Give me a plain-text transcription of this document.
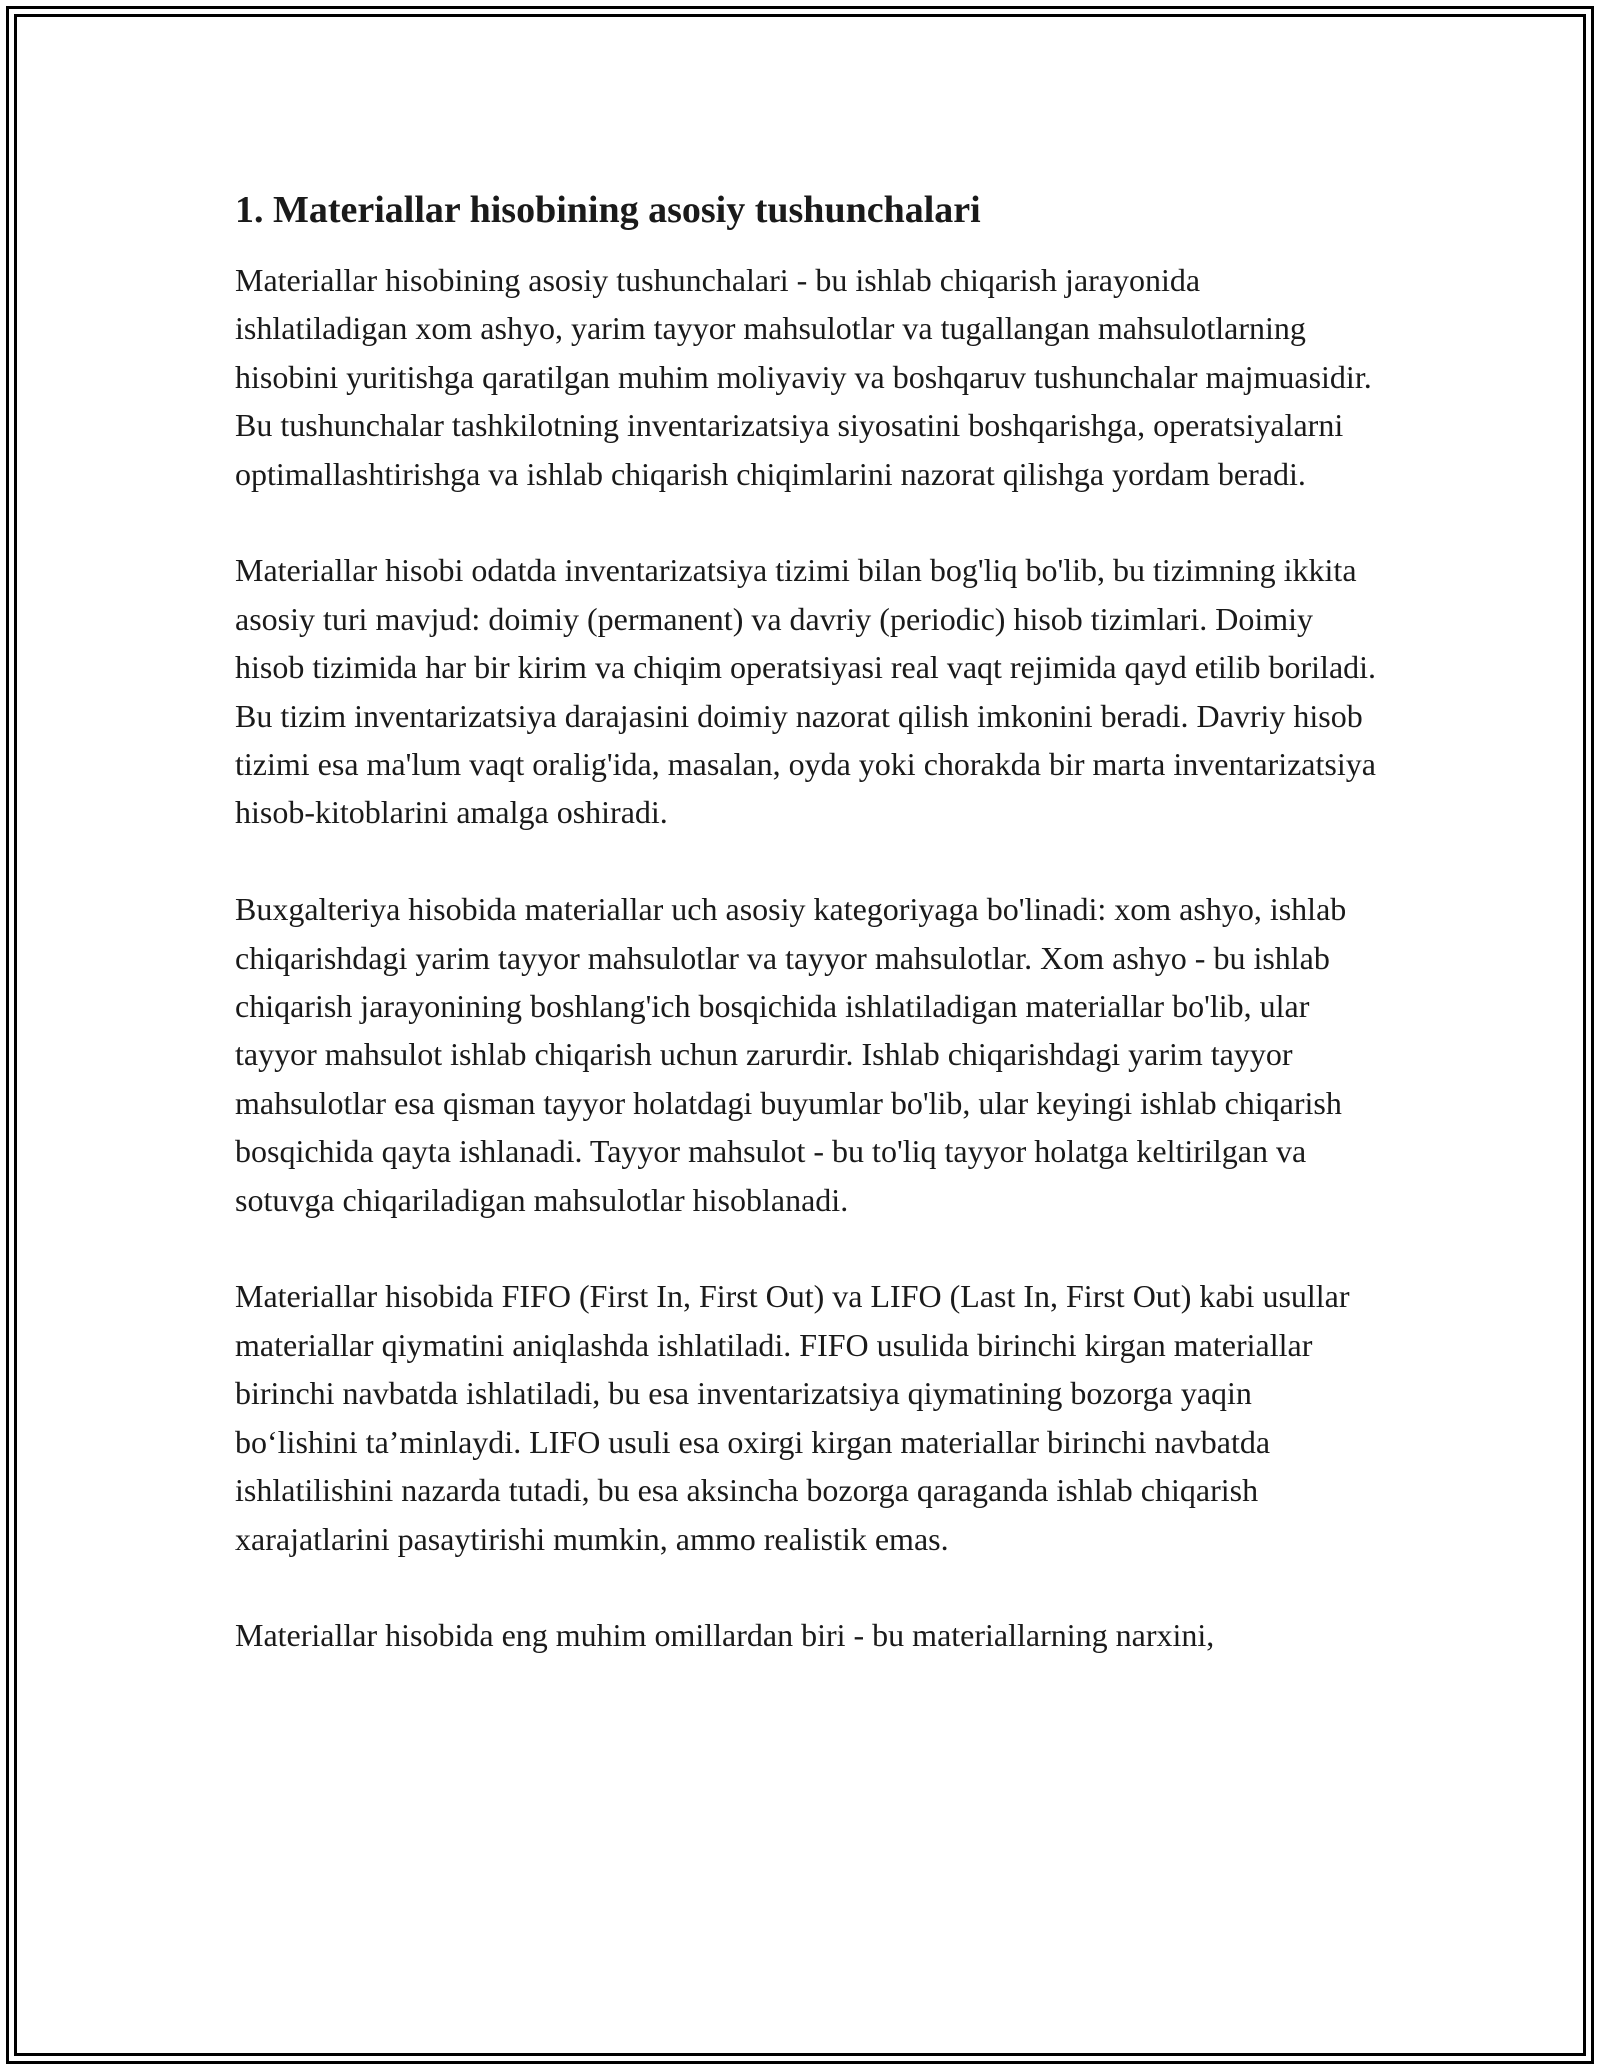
1. Materiallar hisobining asosiy tushunchalari

Materiallar hisobining asosiy tushunchalari - bu ishlab chiqarish jarayonida ishlatiladigan xom ashyo, yarim tayyor mahsulotlar va tugallangan mahsulotlarning hisobini yuritishga qaratilgan muhim moliyaviy va boshqaruv tushunchalar majmuasidir. Bu tushunchalar tashkilotning inventarizatsiya siyosatini boshqarishga, operatsiyalarni optimallashtirishga va ishlab chiqarish chiqimlarini nazorat qilishga yordam beradi.

Materiallar hisobi odatda inventarizatsiya tizimi bilan bog'liq bo'lib, bu tizimning ikkita asosiy turi mavjud: doimiy (permanent) va davriy (periodic) hisob tizimlari. Doimiy hisob tizimida har bir kirim va chiqim operatsiyasi real vaqt rejimida qayd etilib boriladi. Bu tizim inventarizatsiya darajasini doimiy nazorat qilish imkonini beradi. Davriy hisob tizimi esa ma'lum vaqt oralig'ida, masalan, oyda yoki chorakda bir marta inventarizatsiya hisob-kitoblarini amalga oshiradi.

Buxgalteriya hisobida materiallar uch asosiy kategoriyaga bo'linadi: xom ashyo, ishlab chiqarishdagi yarim tayyor mahsulotlar va tayyor mahsulotlar. Xom ashyo - bu ishlab chiqarish jarayonining boshlang'ich bosqichida ishlatiladigan materiallar bo'lib, ular tayyor mahsulot ishlab chiqarish uchun zarurdir. Ishlab chiqarishdagi yarim tayyor mahsulotlar esa qisman tayyor holatdagi buyumlar bo'lib, ular keyingi ishlab chiqarish bosqichida qayta ishlanadi. Tayyor mahsulot - bu to'liq tayyor holatga keltirilgan va sotuvga chiqariladigan mahsulotlar hisoblanadi.

Materiallar hisobida FIFO (First In, First Out) va LIFO (Last In, First Out) kabi usullar materiallar qiymatini aniqlashda ishlatiladi. FIFO usulida birinchi kirgan materiallar birinchi navbatda ishlatiladi, bu esa inventarizatsiya qiymatining bozorga yaqin bo‘lishini ta’minlaydi. LIFO usuli esa oxirgi kirgan materiallar birinchi navbatda ishlatilishini nazarda tutadi, bu esa aksincha bozorga qaraganda ishlab chiqarish xarajatlarini pasaytirishi mumkin, ammo realistik emas.

Materiallar hisobida eng muhim omillardan biri - bu materiallarning narxini,
